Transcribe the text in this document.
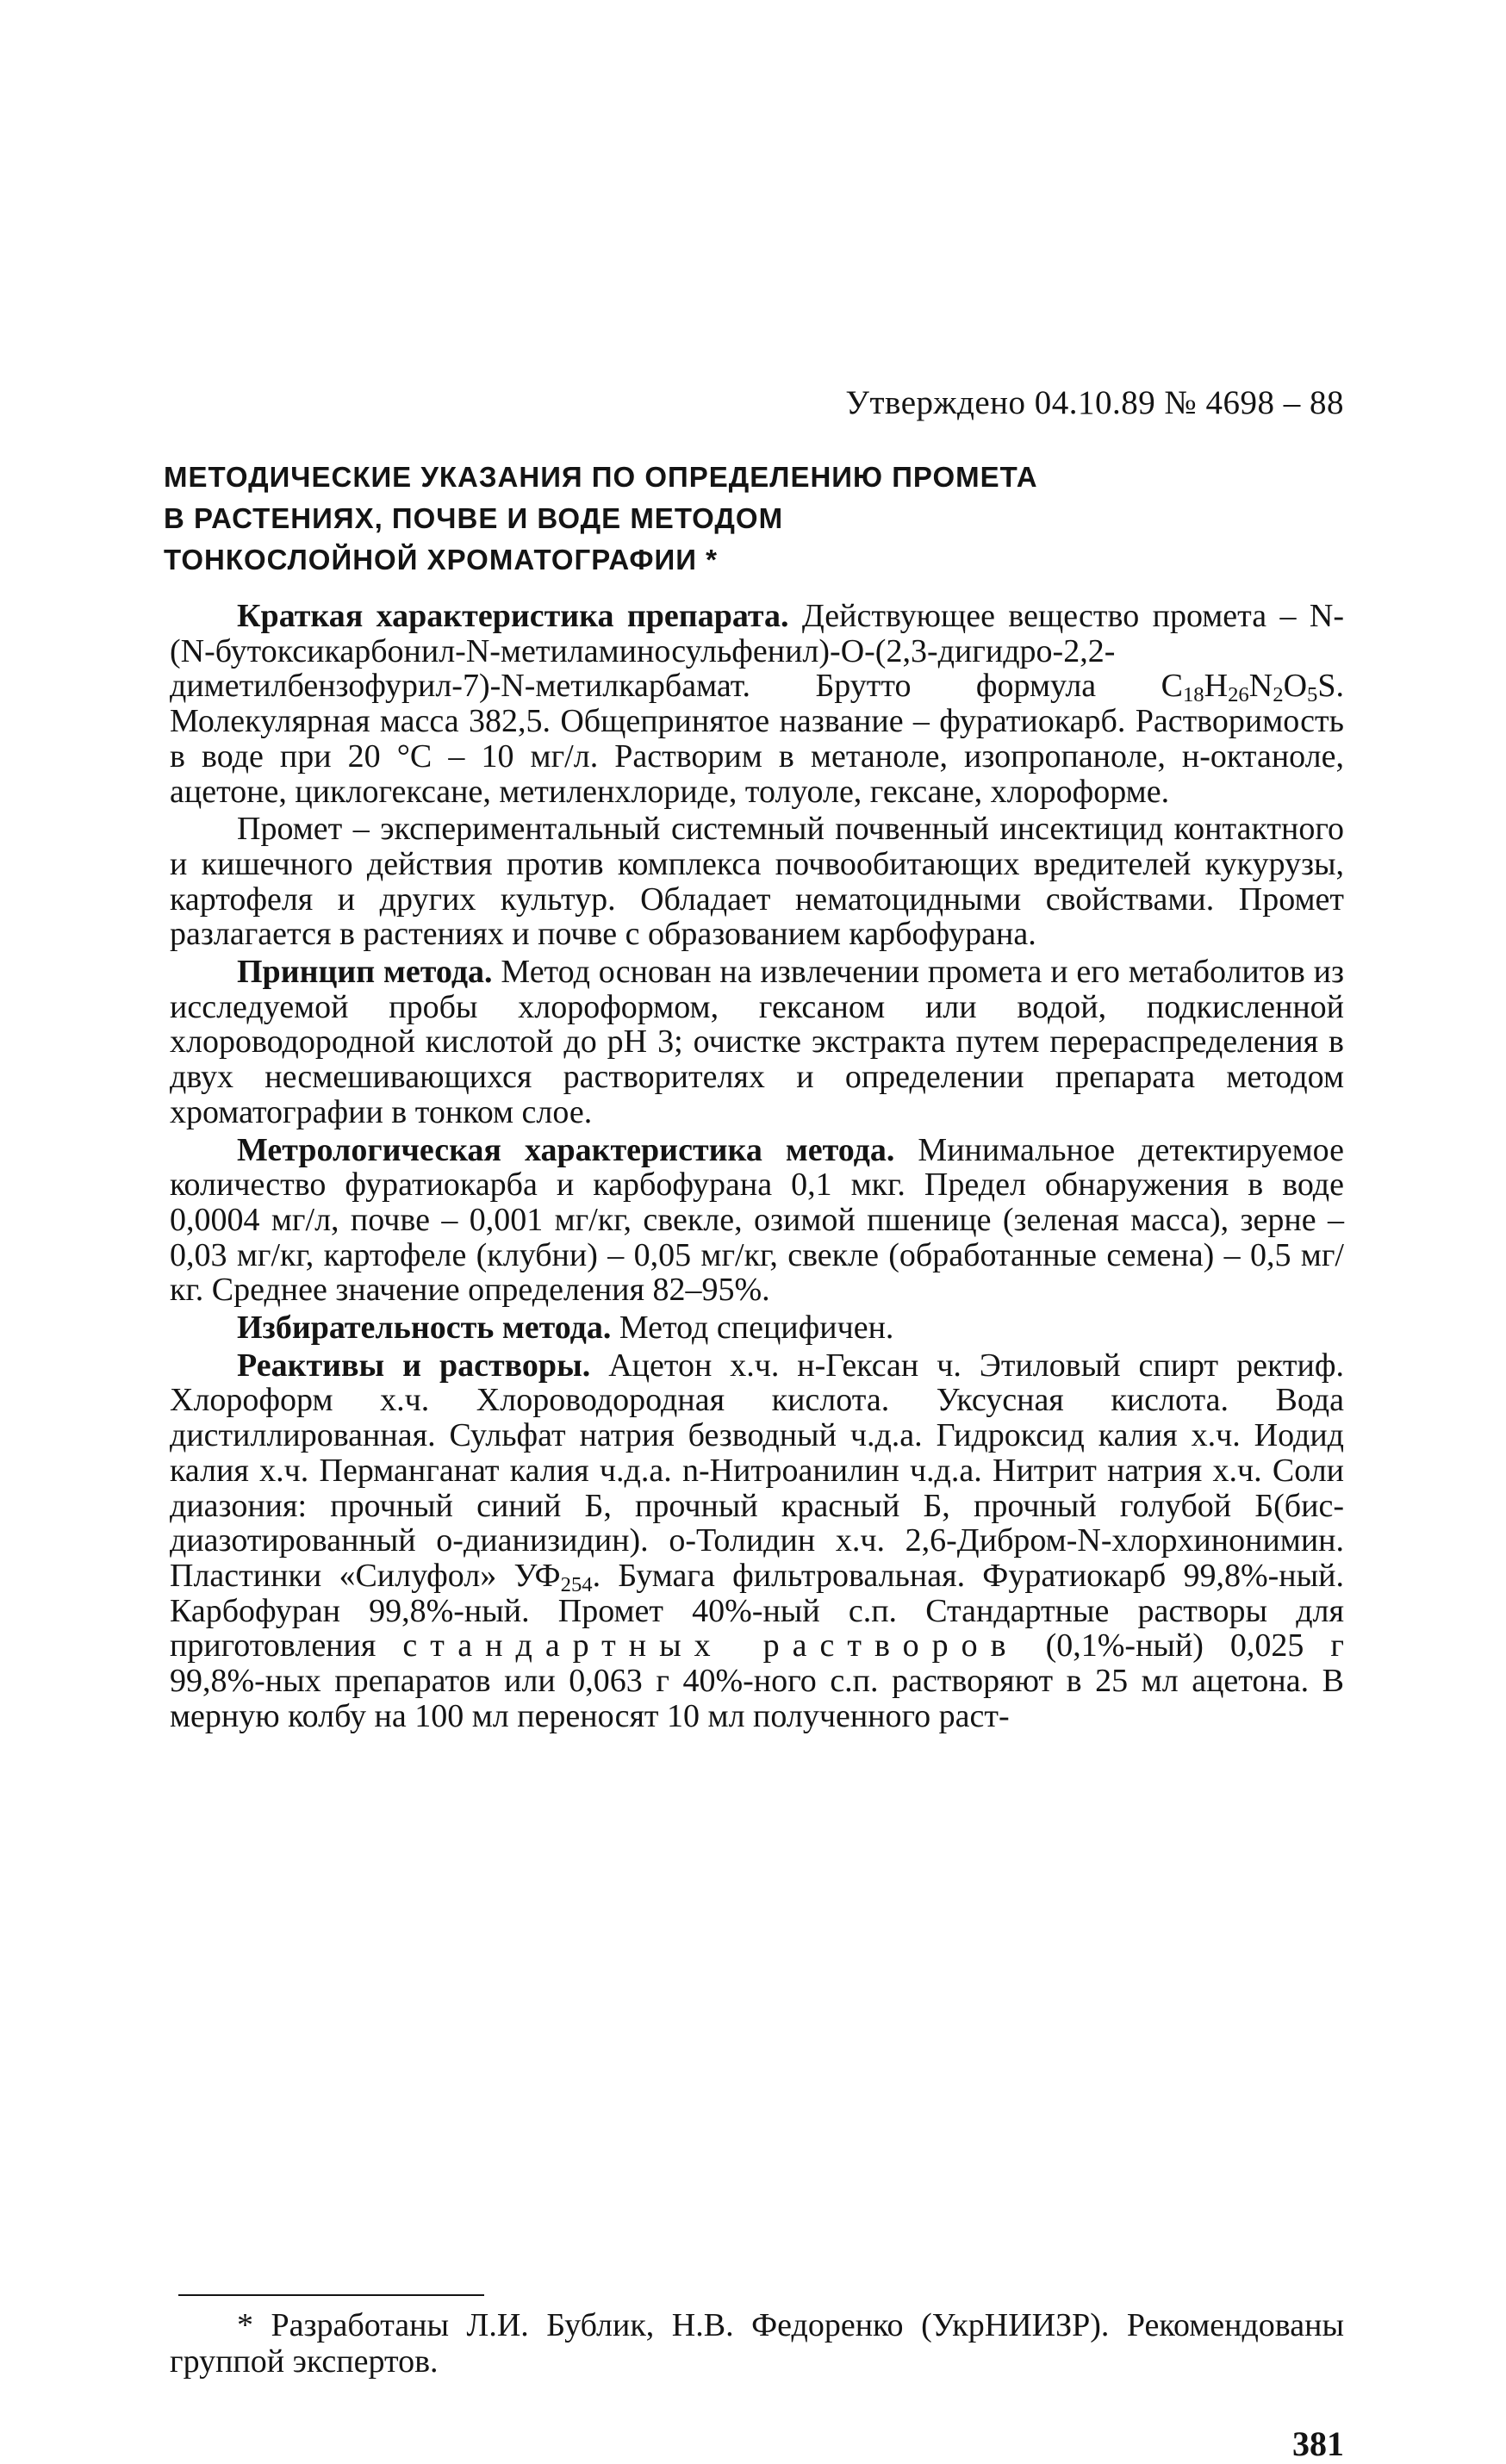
Утверждено 04.10.89 № 4698 – 88
МЕТОДИЧЕСКИЕ УКАЗАНИЯ ПО ОПРЕДЕЛЕНИЮ ПРОМЕТА
В РАСТЕНИЯХ, ПОЧВЕ И ВОДЕ МЕТОДОМ
ТОНКОСЛОЙНОЙ ХРОМАТОГРАФИИ *

Краткая характеристика препарата. Действующее вещество промета – N-(N-бутоксикарбонил-N-метиламиносульфенил)-O-(2,3-дигидро-2,2-диметилбензофурил-7)-N-метилкарбамат. Брутто формула $C_{18}H_{26}N_2O_5S$. Молекулярная масса 382,5. Общепринятое название – фуратиокарб. Растворимость в воде при 20 °С – 10 мг/л. Растворим в метаноле, изопропаноле, н-октаноле, ацетоне, циклогексане, метиленхлориде, толуоле, гексане, хлороформе.

Промет – экспериментальный системный почвенный инсектицид контактного и кишечного действия против комплекса почвообитающих вредителей кукурузы, картофеля и других культур. Обладает нематоцидными свойствами. Промет разлагается в растениях и почве с образованием карбофурана.

Принцип метода. Метод основан на извлечении промета и его метаболитов из исследуемой пробы хлороформом, гексаном или водой, подкисленной хлороводородной кислотой до pH 3; очистке экстракта путем перераспределения в двух несмешивающихся растворителях и определении препарата методом хроматографии в тонком слое.

Метрологическая характеристика метода. Минимальное детектируемое количество фуратиокарба и карбофурана 0,1 мкг. Предел обнаружения в воде 0,0004 мг/л, почве – 0,001 мг/кг, свекле, озимой пшенице (зеленая масса), зерне – 0,03 мг/кг, картофеле (клубни) – 0,05 мг/кг, свекле (обработанные семена) – 0,5 мг/кг. Среднее значение определения 82–95%.

Избирательность метода. Метод специфичен.

Реактивы и растворы. Ацетон х.ч. н-Гексан ч. Этиловый спирт ректиф. Хлороформ х.ч. Хлороводородная кислота. Уксусная кислота. Вода дистиллированная. Сульфат натрия безводный ч.д.а. Гидроксид калия х.ч. Иодид калия х.ч. Перманганат калия ч.д.а. n-Нитроанилин ч.д.а. Нитрит натрия х.ч. Соли диазония: прочный синий Б, прочный красный Б, прочный голубой Б(бис-диазотированный о-дианизидин). о-Толидин х.ч. 2,6-Дибром-N-хлорхинонимин. Пластинки «Силуфол» $УФ_{254}$. Бумага фильтровальная. Фуратиокарб 99,8%-ный. Карбофуран 99,8%-ный. Промет 40%-ный с.п. Стандартные растворы для приготовления стандартных растворов (0,1%-ный) 0,025 г 99,8%-ных препаратов или 0,063 г 40%-ного с.п. растворяют в 25 мл ацетона. В мерную колбу на 100 мл переносят 10 мл полученного раст-

* Разработаны Л.И. Бублик, Н.В. Федоренко (УкрНИИЗР). Рекомендованы группой экспертов.

381
